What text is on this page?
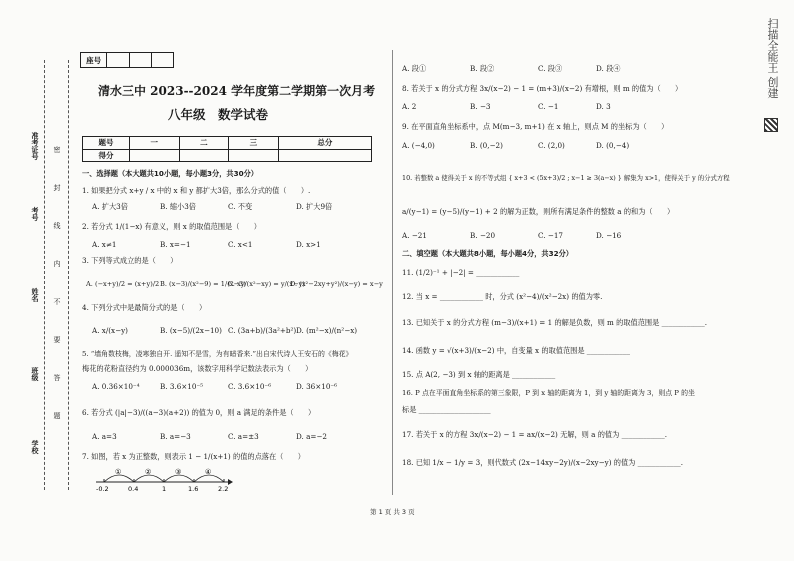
座号			
清水三中 2023--2024 学年度第二学期第一次月考
八年级　数学试卷
题号	一	二	三	总分
得分				
准考证号
考号
姓名
班级
学校
密
封
线
内
不
要
答
题
一、选择题（本大题共10小题，每小题3分，共30分）
1. 如果把分式 x+y / x 中的 x 和 y 都扩大3倍，那么分式的值（　　）.
A. 扩大3倍	B. 缩小3倍	C. 不变	D. 扩大9倍
2. 若分式 1/(1−x) 有意义，则 x 的取值范围是（　　）
A. x≠1	B. x=−1	C. x<1	D. x>1
3. 下列等式成立的是（　　）
A. (−x+y)/2 = (x+y)/2 B. (x−3)/(x²−9) = 1/(x−3)
C. xy/(x²−xy) = y/(x−y)
D. (x²−2xy+y²)/(x−y) = x−y
4. 下列分式中是最简分式的是（　　）
A. x/(x−y)	B. (x−5)/(2x−10) C. (3a+b)/(3a²+b²) D. (m²−x)/(n²−x)
5. “墙角数枝梅，凌寒独自开. 遥知不是雪，为有暗香来.”出自宋代诗人王安石的《梅花》
梅花的花粉直径约为 0.000036m，该数字用科学记数法表示为（　　）
A. 0.36×10⁻⁴	B. 3.6×10⁻⁵	C. 3.6×10⁻⁶	D. 36×10⁻⁶
6. 若分式 (|a|−3)/((a−3)(a+2)) 的值为 0，则 a 满足的条件是（　　）
A. a=3	B. a=−3	C. a=±3	D. a=−2
7. 如图，若 x 为正整数，则表示 1 − 1/(x+1) 的值的点落在（　　）
①	②	③	④
-0.2	0.4	1	1.6	2.2
A. 段①	B. 段②	C. 段③	D. 段④
8. 若关于 x 的分式方程 3x/(x−2) − 1 = (m+3)/(x−2) 有增根，则 m 的值为（　　）
A. 2	B. −3	C. −1	D. 3
9. 在平面直角坐标系中，点 M(m−3, m+1) 在 x 轴上，则点 M 的坐标为（　　）
A. (−4,0)	B. (0,−2)	C. (2,0)	D. (0,−4)
10. 若整数 a 使得关于 x 的不等式组 { x+3 < (5x+3)/2 ; x−1 ≥ 3(a−x) } 解集为 x>1，使得关于 y 的分式方程
a/(y−1) = (y−5)/(y−1) + 2 的解为正数，则所有满足条件的整数 a 的和为（　　）
A. −21	B. −20	C. −17	D. −16
二、填空题（本大题共8小题，每小题4分，共32分）
11. (1/2)⁻¹ + |−2| = ____________
12. 当 x = ____________ 时，分式 (x²−4)/(x²−2x) 的值为零.
13. 已知关于 x 的分式方程 (m−3)/(x+1) = 1 的解是负数，则 m 的取值范围是 ____________.
14. 函数 y = √(x+3)/(x−2) 中，自变量 x 的取值范围是 ____________
15. 点 A(2, −3) 到 x 轴的距离是 ____________
16. P 点在平面直角坐标系的第三象限，P 到 x 轴的距离为 1，到 y 轴的距离为 3，则点 P 的坐
标是 ____________________
17. 若关于 x 的方程 3x/(x−2) − 1 = ax/(x−2) 无解，则 a 的值为 ____________.
18. 已知 1/x − 1/y = 3，则代数式 (2x−14xy−2y)/(x−2xy−y) 的值为 ____________.
第 1 页 共 3 页
扫描全能王 创建
